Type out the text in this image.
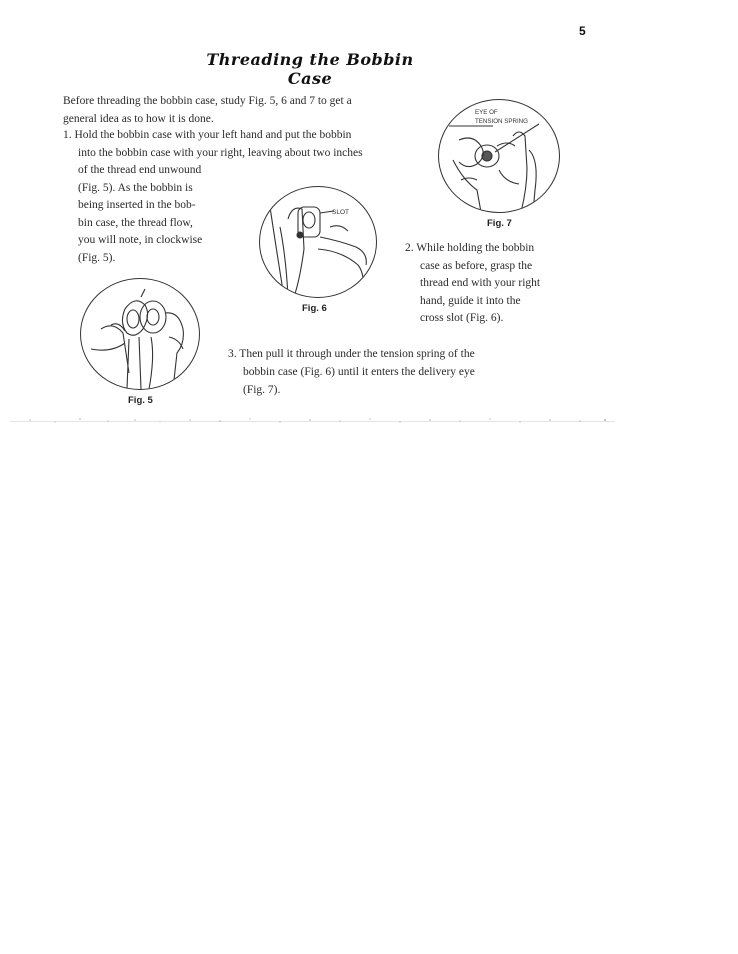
5
Threading the Bobbin Case

Before threading the bobbin case, study Fig. 5, 6 and 7 to get a
general idea as to how it is done.

1. Hold the bobbin case with your left hand and put the bobbin
into the bobbin case with your right, leaving about two inches

of the thread end unwound
(Fig. 5). As the bobbin is
being inserted in the bob-
bin case, the thread flow,
you will note, in clockwise
(Fig. 5).

2. While holding the bobbin
case as before, grasp the
thread end with your right
hand, guide it into the
cross slot (Fig. 6).

3. Then pull it through under the tension spring of the

bobbin case (Fig. 6) until it enters the delivery eye
(Fig. 7).

Fig. 5
SLOT
Fig. 6
EYE OF
TENSION SPRING
Fig. 7
